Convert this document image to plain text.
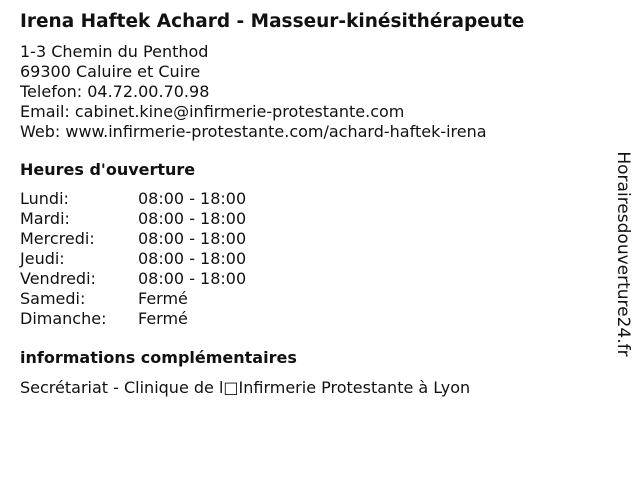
Irena Haftek Achard - Masseur-kinésithérapeute
1-3 Chemin du Penthod
69300 Caluire et Cuire
Telefon: 04.72.00.70.98
Email: cabinet.kine@infirmerie-protestante.com
Web: www.infirmerie-protestante.com/achard-haftek-irena
Heures d'ouverture
Lundi:	08:00 - 18:00
Mardi:	08:00 - 18:00
Mercredi:	08:00 - 18:00
Jeudi:	08:00 - 18:00
Vendredi:	08:00 - 18:00
Samedi:	Fermé
Dimanche: Fermé
informations complémentaires
Secrétariat - Clinique de l□Infirmerie Protestante à Lyon
Horairesdouverture24.fr
